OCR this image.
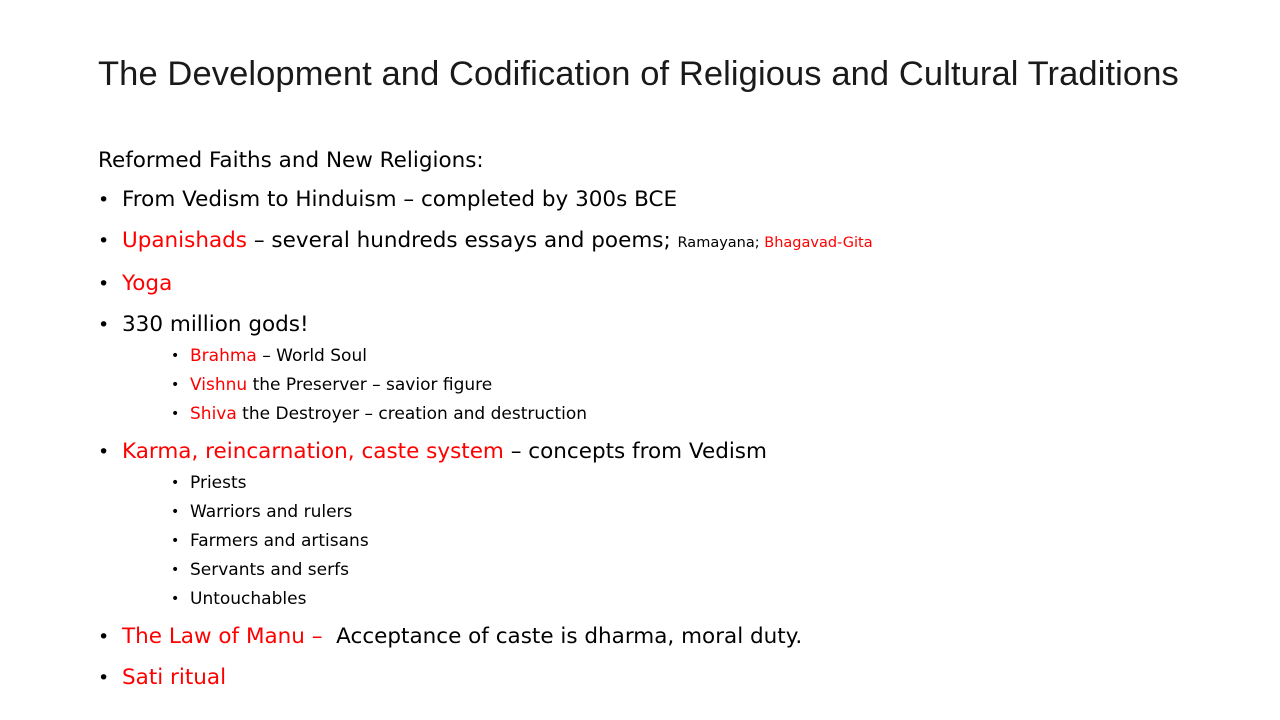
The Development and Codification of Religious and Cultural Traditions
Reformed Faiths and New Religions:
• From Vedism to Hinduism – completed by 300s BCE
• Upanishads – several hundreds essays and poems; Ramayana; Bhagavad-Gita
• Yoga
• 330 million gods!
• Brahma – World Soul
• Vishnu the Preserver – savior figure
• Shiva the Destroyer – creation and destruction
• Karma, reincarnation, caste system – concepts from Vedism
• Priests
• Warriors and rulers
• Farmers and artisans
• Servants and serfs
• Untouchables
• The Law of Manu –  Acceptance of caste is dharma, moral duty.
• Sati ritual
